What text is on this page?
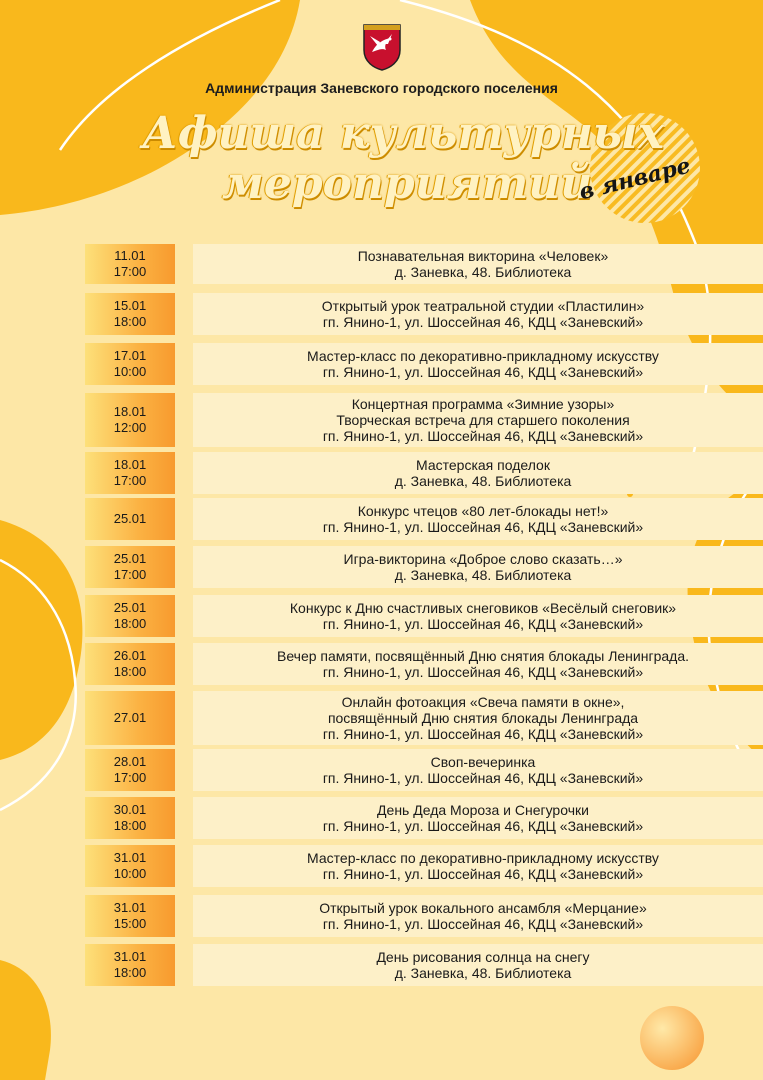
Администрация Заневского городского поселения
Афиша культурных
мероприятий
в январе
11.01
17:00
Познавательная викторина «Человек»
д. Заневка, 48. Библиотека
15.01
18:00
Открытый урок театральной студии «Пластилин»
гп. Янино-1, ул. Шоссейная 46, КДЦ «Заневский»
17.01
10:00
Мастер-класс по декоративно-прикладному искусству
гп. Янино-1, ул. Шоссейная 46, КДЦ «Заневский»
18.01
12:00
Концертная программа «Зимние узоры»
Творческая встреча для старшего поколения
гп. Янино-1, ул. Шоссейная 46, КДЦ «Заневский»
18.01
17:00
Мастерская поделок
д. Заневка, 48. Библиотека
25.01	Конкурс чтецов «80 лет-блокады нет!»
гп. Янино-1, ул. Шоссейная 46, КДЦ «Заневский»
25.01
17:00
Игра-викторина «Доброе слово сказать…»
д. Заневка, 48. Библиотека
25.01
18:00
Конкурс к Дню счастливых снеговиков «Весёлый снеговик»
гп. Янино-1, ул. Шоссейная 46, КДЦ «Заневский»
26.01
18:00
Вечер памяти, посвящённый Дню снятия блокады Ленинграда.
гп. Янино-1, ул. Шоссейная 46, КДЦ «Заневский»
27.01
Онлайн фотоакция «Свеча памяти в окне»,
посвящённый Дню снятия блокады Ленинграда
гп. Янино-1, ул. Шоссейная 46, КДЦ «Заневский»
28.01
17:00
Своп-вечеринка
гп. Янино-1, ул. Шоссейная 46, КДЦ «Заневский»
30.01
18:00
День Деда Мороза и Снегурочки
гп. Янино-1, ул. Шоссейная 46, КДЦ «Заневский»
31.01
10:00
Мастер-класс по декоративно-прикладному искусству
гп. Янино-1, ул. Шоссейная 46, КДЦ «Заневский»
31.01
15:00
Открытый урок вокального ансамбля «Мерцание»
гп. Янино-1, ул. Шоссейная 46, КДЦ «Заневский»
31.01
18:00
День рисования солнца на снегу
д. Заневка, 48. Библиотека
